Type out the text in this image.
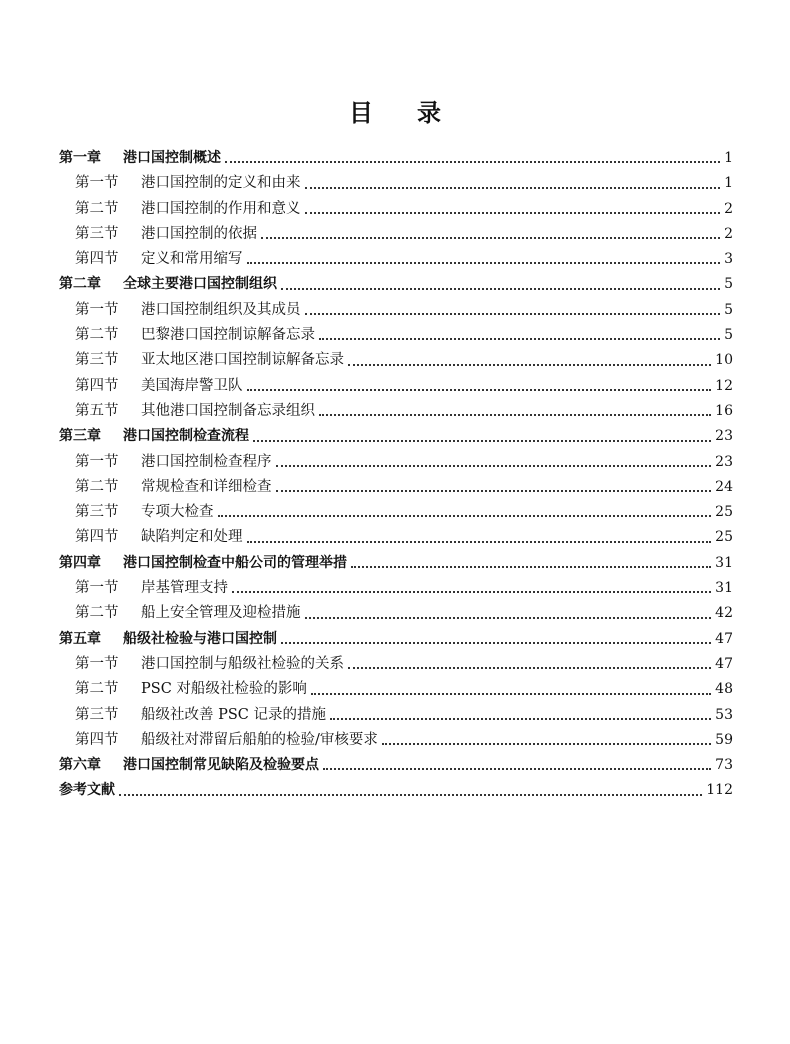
目 录
第一章	港口国控制概述	1
第一节	港口国控制的定义和由来	1
第二节	港口国控制的作用和意义	2
第三节	港口国控制的依据	2
第四节	定义和常用缩写	3
第二章	全球主要港口国控制组织	5
第一节	港口国控制组织及其成员	5
第二节	巴黎港口国控制谅解备忘录	5
第三节	亚太地区港口国控制谅解备忘录	10
第四节	美国海岸警卫队	12
第五节	其他港口国控制备忘录组织	16
第三章	港口国控制检查流程	23
第一节	港口国控制检查程序	23
第二节	常规检查和详细检查	24
第三节	专项大检查	25
第四节	缺陷判定和处理	25
第四章	港口国控制检查中船公司的管理举措	31
第一节	岸基管理支持	31
第二节	船上安全管理及迎检措施	42
第五章	船级社检验与港口国控制	47
第一节	港口国控制与船级社检验的关系	47
第二节	PSC 对船级社检验的影响	48
第三节	船级社改善 PSC 记录的措施	53
第四节	船级社对滞留后船舶的检验/审核要求	59
第六章	港口国控制常见缺陷及检验要点	73
参考文献	112
